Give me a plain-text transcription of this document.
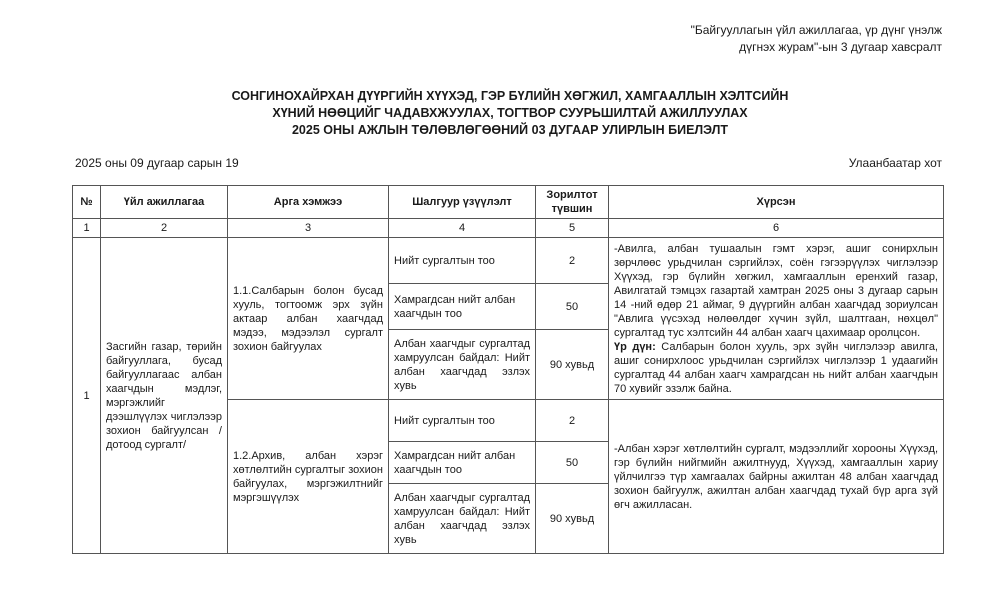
"Байгууллагын үйл ажиллагаа, үр дүнг үнэлж
дүгнэх журам"-ын 3 дугаар хавсралт
СОНГИНОХАЙРХАН ДҮҮРГИЙН ХҮҮХЭД, ГЭР БҮЛИЙН ХӨГЖИЛ, ХАМГААЛЛЫН ХЭЛТСИЙН
ХҮНИЙ НӨӨЦИЙГ ЧАДАВХЖУУЛАХ, ТОГТВОР СУУРЬШИЛТАЙ АЖИЛЛУУЛАХ
2025 ОНЫ АЖЛЫН ТӨЛӨВЛӨГӨӨНИЙ 03 ДУГААР УЛИРЛЫН БИЕЛЭЛТ
2025 оны 09 дугаар сарын 19	Улаанбаатар хот
№	Үйл ажиллагаа	Арга хэмжээ	Шалгуур үзүүлэлт	Зорилтот түвшин	Хүрсэн
1	2	3	4	5	6
1	Засгийн газар, төрийн байгууллага, бусад байгууллагаас албан хаагчдын мэдлэг, мэргэжлийг дээшлүүлэх чиглэлээр зохион байгуулсан /дотоод сургалт/	1.1.Салбарын болон бусад хууль, тогтоомж эрх зүйн актаар албан хаагчдад мэдээ, мэдээлэл сургалт зохион байгуулах	Нийт сургалтын тоо	2	-Авилга, албан тушаалын гэмт хэрэг, ашиг сонирхлын зөрчлөөс урьдчилан сэргийлэх, соён гэгээрүүлэх чиглэлээр Хүүхэд, гэр бүлийн хөгжил, хамгааллын еренхий газар, Авилгатай тэмцэх газартай хамтран 2025 оны 3 дугаар сарын 14 -ний өдөр 21 аймаг, 9 дүүргийн албан хаагчдад зориулсан "Авлига үүсэхэд нөлөөлдөг хүчин зүйл, шалтгаан, нөхцөл" сургалтад тус хэлтсийн 44 албан хаагч цахимаар оролцсон.
Үр дүн: Салбарын болон хууль, эрх зүйн чиглэлээр авилга, ашиг сонирхлоос урьдчилан сэргийлэх чиглэлээр 1 удаагийн сургалтад 44 албан хаагч хамрагдсан нь нийт албан хаагчдын 70 хувийг эзэлж байна.

			Хамрагдсан нийт албан хаагчдын тоо	50	
			Албан хаагчдыг сургалтад хамруулсан байдал: Нийт албан хаагчдад эзлэх хувь	90 хувьд	
		1.2.Архив, албан хэрэг хөтлөлтийн сургалтыг зохион байгуулах, мэргэжилтнийг мэргэшүүлэх	Нийт сургалтын тоо	2	-Албан хэрэг хөтлөлтийн сургалт, мэдээллийг хорооны Хүүхэд, гэр бүлийн нийгмийн ажилтнууд, Хүүхэд, хамгааллын хариу үйлчилгээ түр хамгаалах байрны ажилтан 48 албан хаагчдад зохион байгуулж, ажилтан албан хаагчдад тухай бүр арга зүй өгч ажилласан.
			Хамрагдсан нийт албан хаагчдын тоо	50	
			Албан хаагчдыг сургалтад хамруулсан байдал: Нийт албан хаагчдад эзлэх хувь	90 хувьд	
